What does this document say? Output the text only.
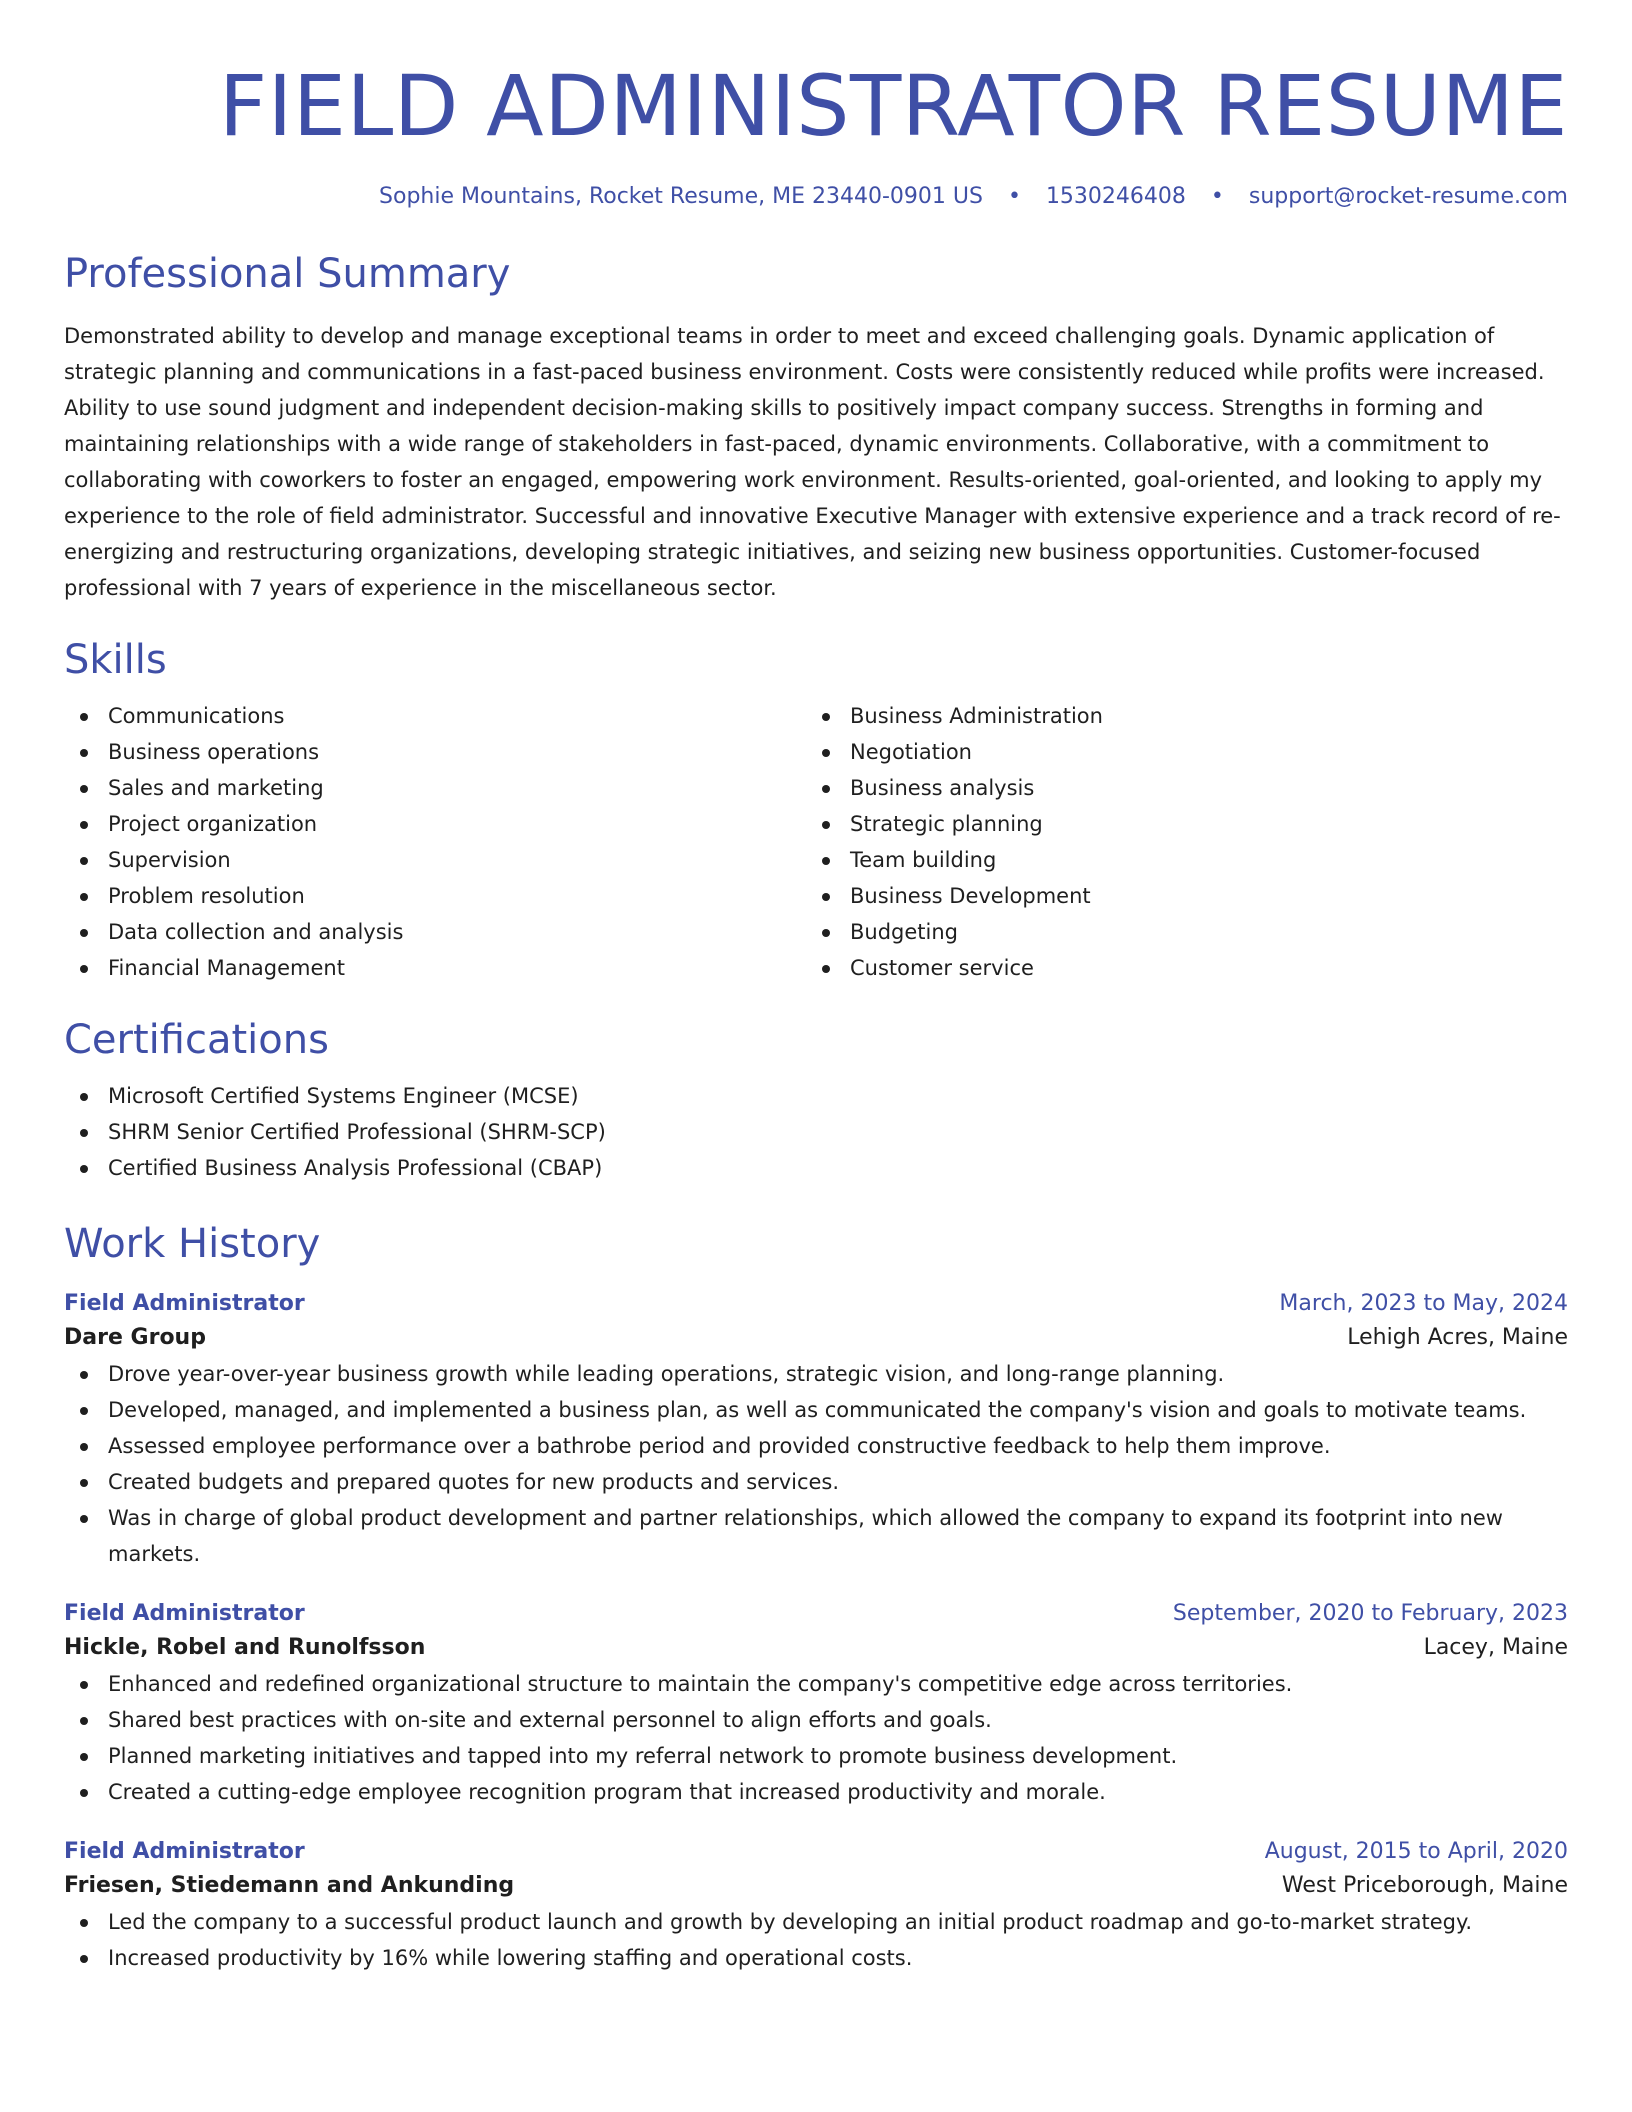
FIELD ADMINISTRATOR RESUME
Sophie Mountains, Rocket Resume, ME 23440-0901 US • 1530246408 • support@rocket-resume.com
Professional Summary

Demonstrated ability to develop and manage exceptional teams in order to meet and exceed challenging goals. Dynamic application of strategic planning and communications in a fast-paced business environment. Costs were consistently reduced while profits were increased. Ability to use sound judgment and independent decision-making skills to positively impact company success. Strengths in forming and maintaining relationships with a wide range of stakeholders in fast-paced, dynamic environments. Collaborative, with a commitment to collaborating with coworkers to foster an engaged, empowering work environment. Results-oriented, goal-oriented, and looking to apply my experience to the role of field administrator. Successful and innovative Executive Manager with extensive experience and a track record of re-energizing and restructuring organizations, developing strategic initiatives, and seizing new business opportunities. Customer-focused professional with 7 years of experience in the miscellaneous sector.

Skills
Communications
Business operations
Sales and marketing
Project organization
Supervision
Problem resolution
Data collection and analysis
Financial Management
Business Administration
Negotiation
Business analysis
Strategic planning
Team building
Business Development
Budgeting
Customer service
Certifications
Microsoft Certified Systems Engineer (MCSE)
SHRM Senior Certified Professional (SHRM-SCP)
Certified Business Analysis Professional (CBAP)
Work History
Field Administrator	March, 2023 to May, 2024
Dare Group	Lehigh Acres, Maine
Drove year-over-year business growth while leading operations, strategic vision, and long-range planning.
Developed, managed, and implemented a business plan, as well as communicated the company's vision and goals to motivate teams.
Assessed employee performance over a bathrobe period and provided constructive feedback to help them improve.
Created budgets and prepared quotes for new products and services.
Was in charge of global product development and partner relationships, which allowed the company to expand its footprint into new markets.
Field Administrator	September, 2020 to February, 2023
Hickle, Robel and Runolfsson	Lacey, Maine
Enhanced and redefined organizational structure to maintain the company's competitive edge across territories.
Shared best practices with on-site and external personnel to align efforts and goals.
Planned marketing initiatives and tapped into my referral network to promote business development.
Created a cutting-edge employee recognition program that increased productivity and morale.
Field Administrator	August, 2015 to April, 2020
Friesen, Stiedemann and Ankunding	West Priceborough, Maine
Led the company to a successful product launch and growth by developing an initial product roadmap and go-to-market strategy.
Increased productivity by 16% while lowering staffing and operational costs.
